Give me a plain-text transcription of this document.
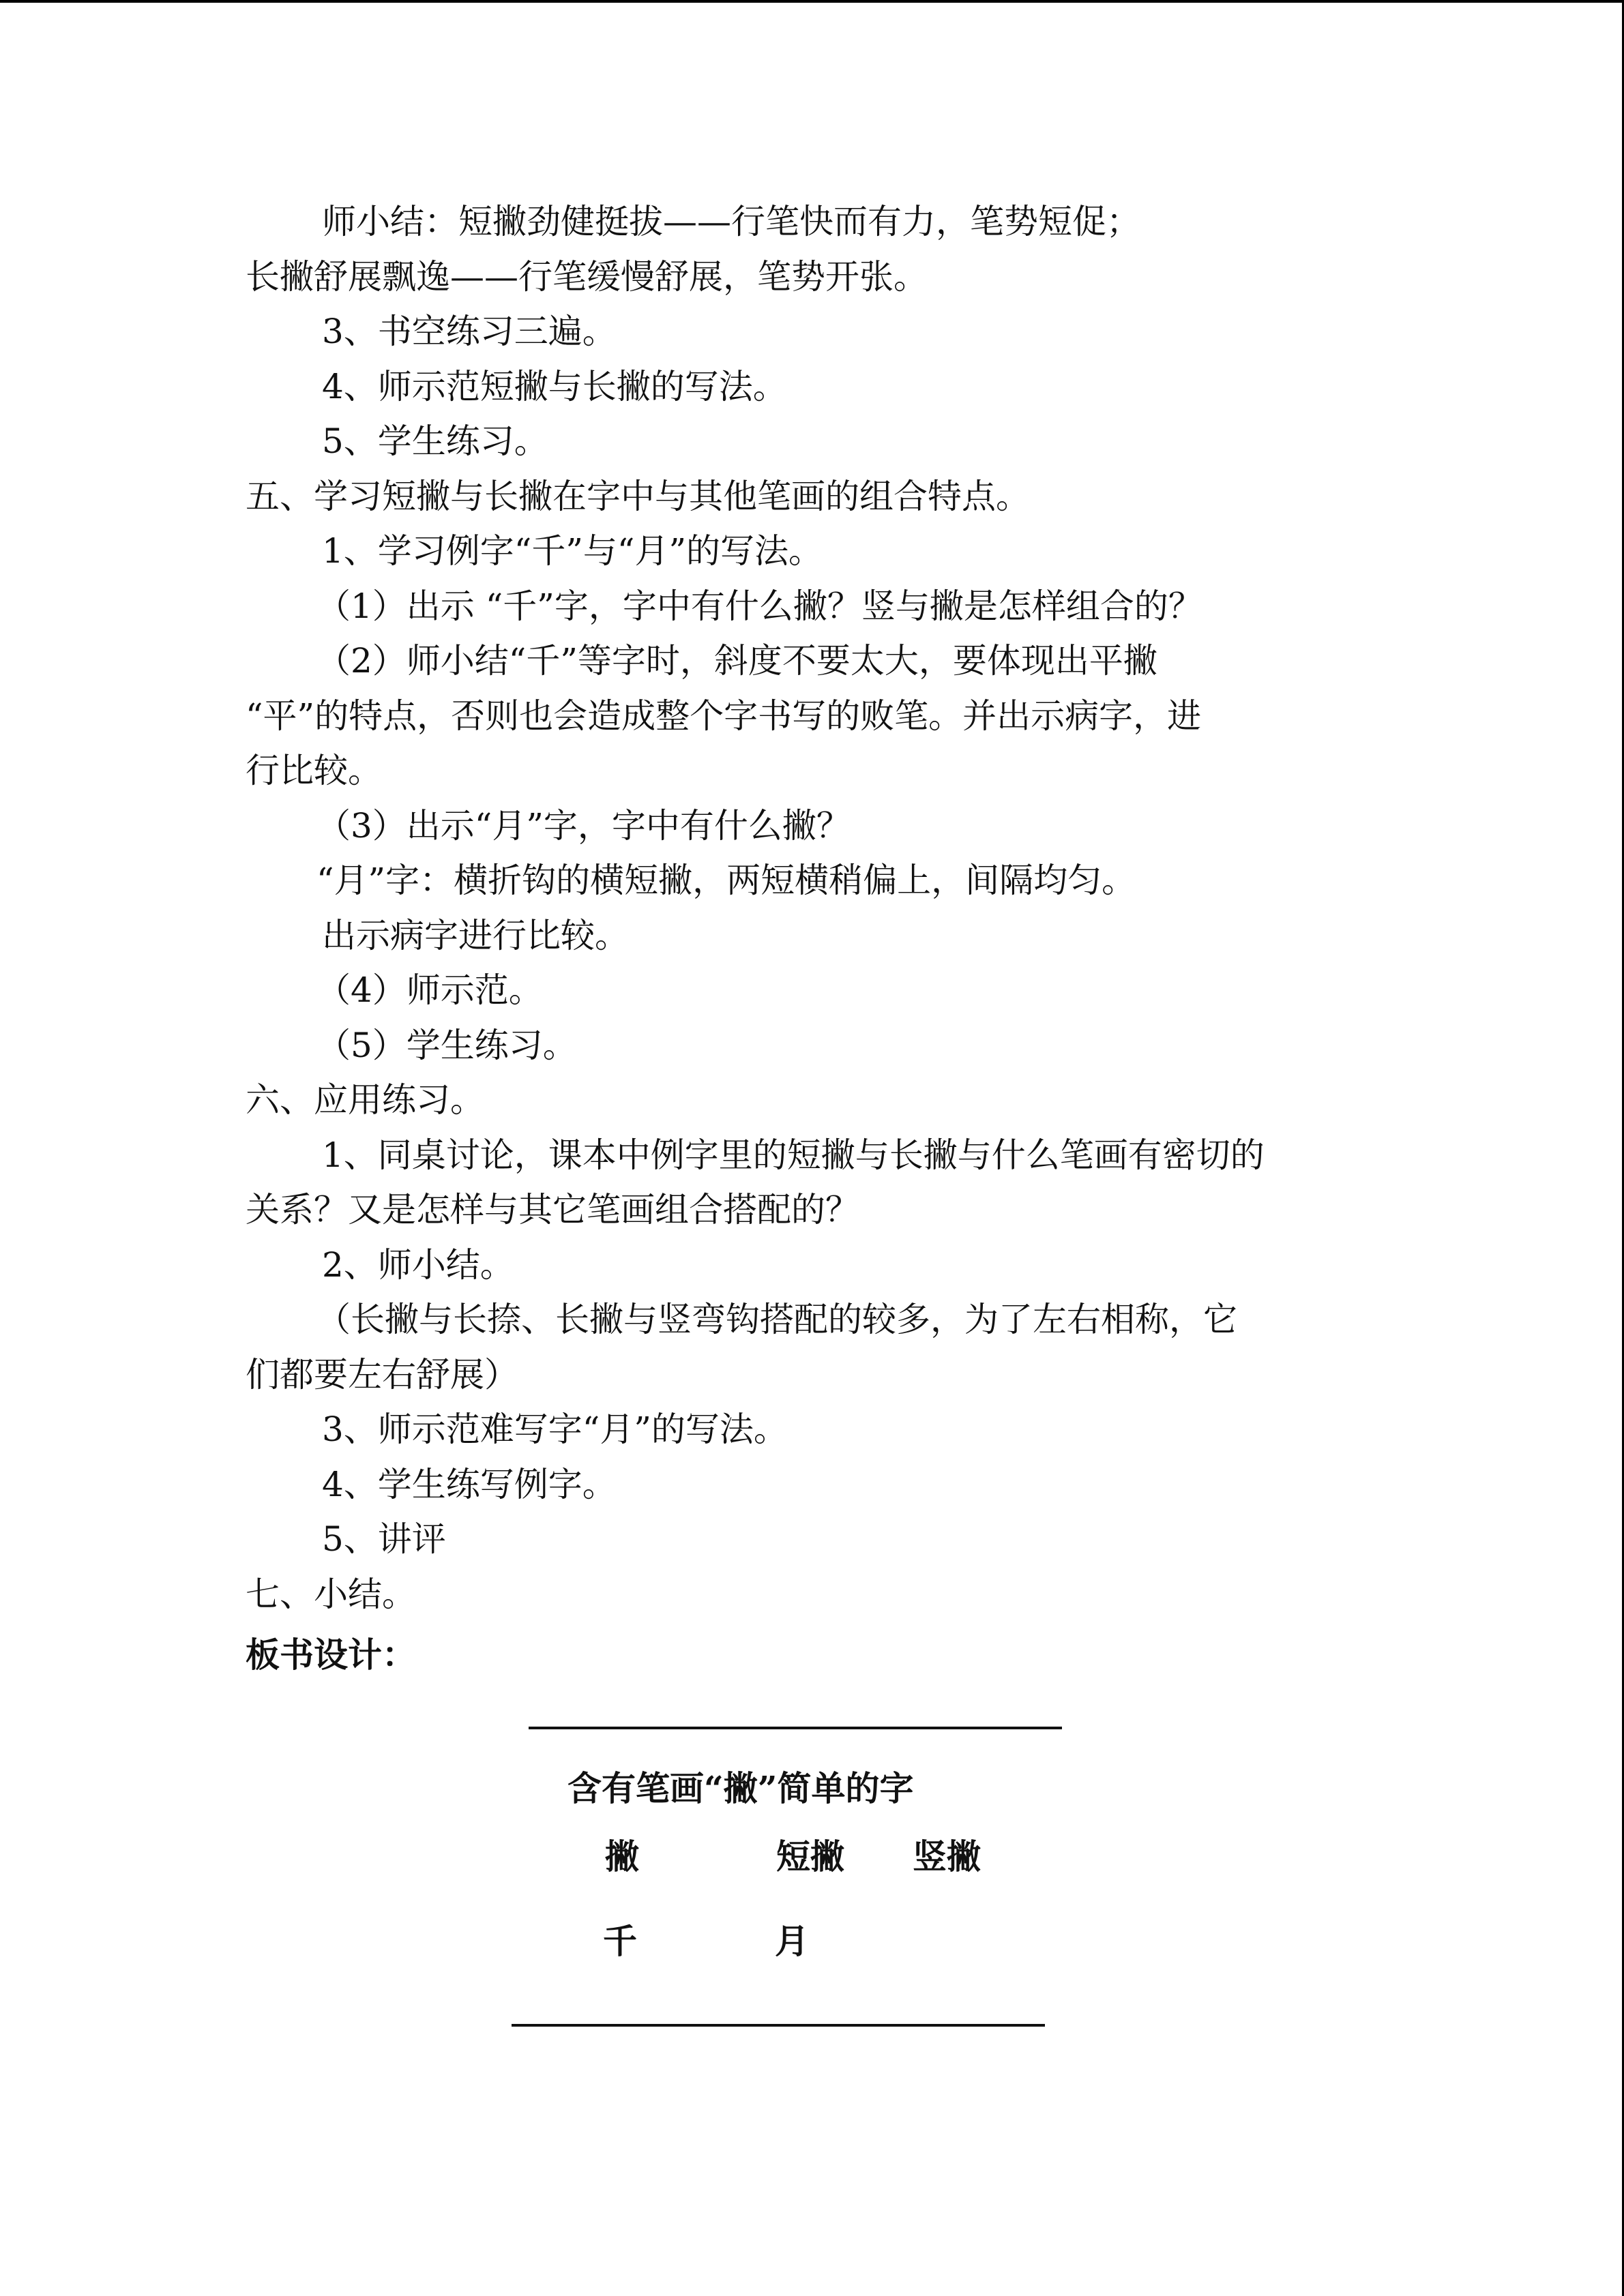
师小结：短撇劲健挺拔——行笔快而有力，笔势短促；
长撇舒展飘逸——行笔缓慢舒展，笔势开张。
3、书空练习三遍。
4、师示范短撇与长撇的写法。
5、学生练习。
五、学习短撇与长撇在字中与其他笔画的组合特点。
1、学习例字“千”与“月”的写法。
（1）出示 “千”字，字中有什么撇？竖与撇是怎样组合的？
（2）师小结“千”等字时，斜度不要太大，要体现出平撇
“平”的特点，否则也会造成整个字书写的败笔。并出示病字，进
行比较。
（3）出示“月”字，字中有什么撇？
“月”字：横折钩的横短撇，两短横稍偏上，间隔均匀。
出示病字进行比较。
（4）师示范。
（5）学生练习。
六、应用练习。
1、同桌讨论，课本中例字里的短撇与长撇与什么笔画有密切的
关系？又是怎样与其它笔画组合搭配的？
2、师小结。
（长撇与长捺、长撇与竖弯钩搭配的较多，为了左右相称，它
们都要左右舒展）
3、师示范难写字“月”的写法。
4、学生练写例字。
5、讲评
七、小结。
板书设计：
含有笔画“撇”简单的字
撇	短撇 竖撇
千	月
